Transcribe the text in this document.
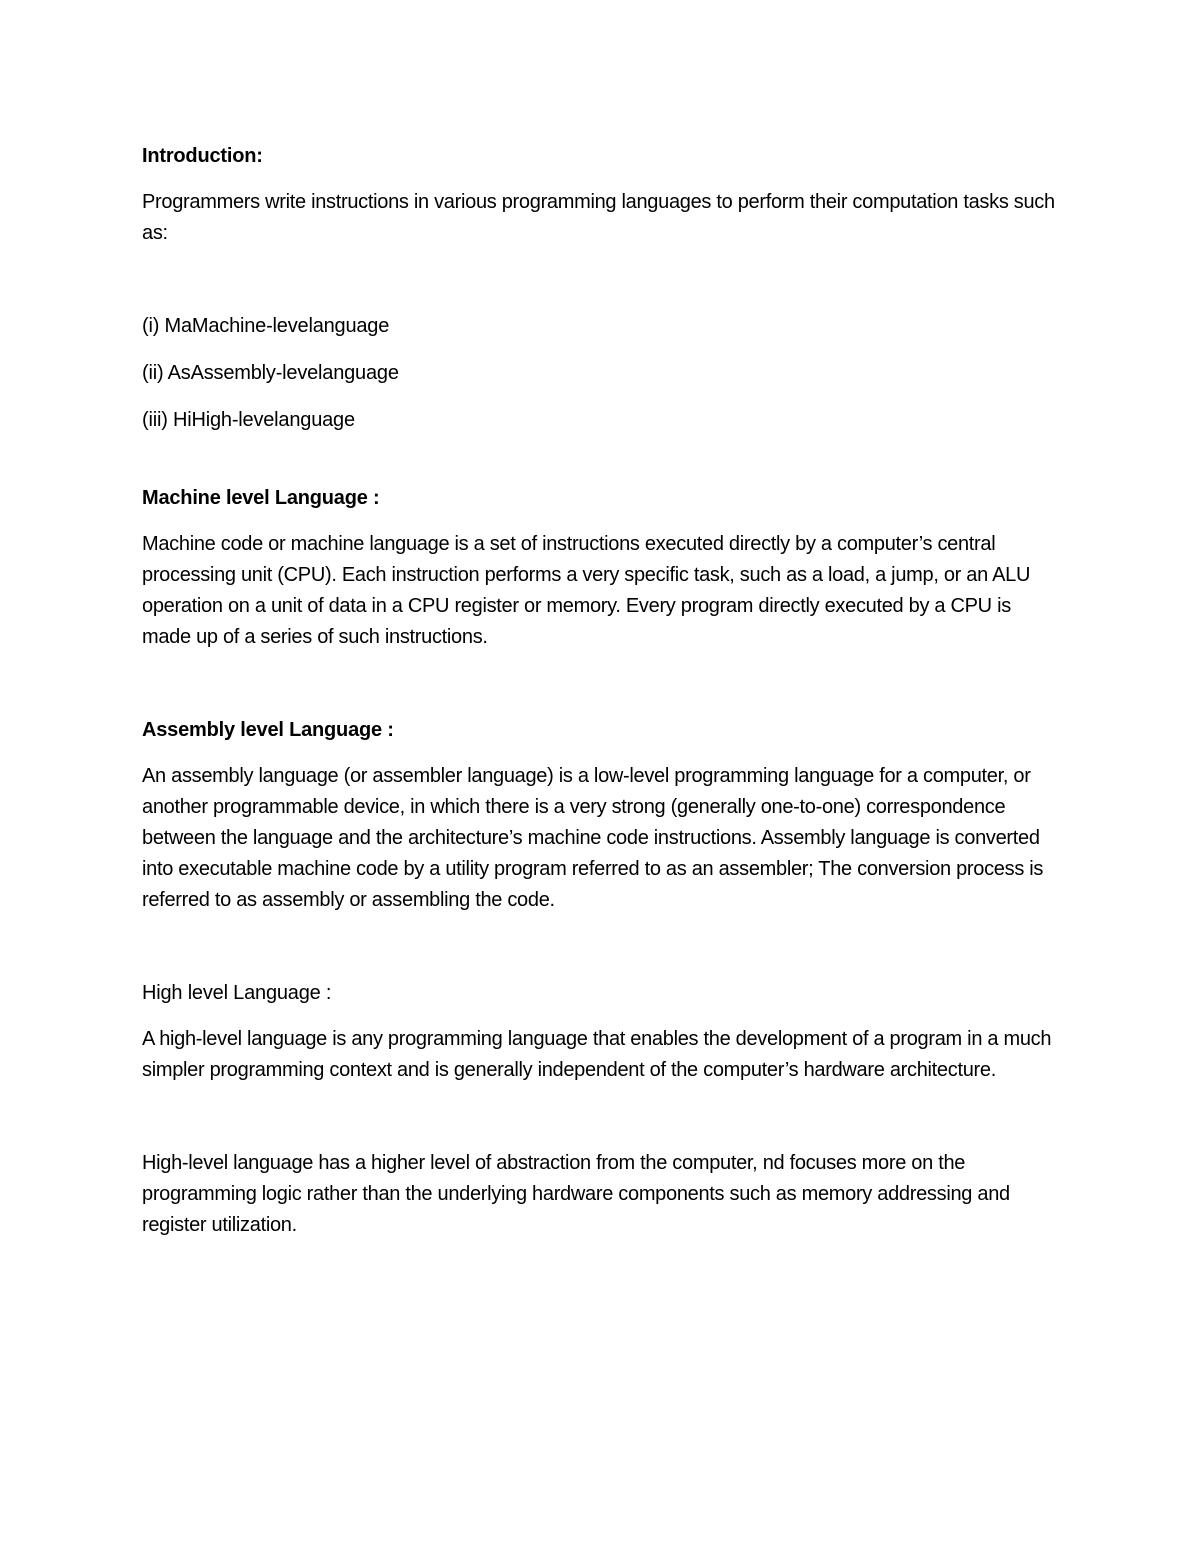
Introduction:

Programmers write instructions in various programming languages to perform their computation tasks such as:

(i) MaMachine-levelanguage
(ii) AsAssembly-levelanguage
(iii) HiHigh-levelanguage

Machine level Language :

Machine code or machine language is a set of instructions executed directly by a computer’s central processing unit (CPU). Each instruction performs a very specific task, such as a load, a jump, or an ALU operation on a unit of data in a CPU register or memory. Every program directly executed by a CPU is made up of a series of such instructions.

Assembly level Language :

An assembly language (or assembler language) is a low-level programming language for a computer, or another programmable device, in which there is a very strong (generally one-to-one) correspondence between the language and the architecture’s machine code instructions. Assembly language is converted into executable machine code by a utility program referred to as an assembler; The conversion process is referred to as assembly or assembling the code.

High level Language :

A high-level language is any programming language that enables the development of a program in a much simpler programming context and is generally independent of the computer’s hardware architecture.

High-level language has a higher level of abstraction from the computer, nd focuses more on the programming logic rather than the underlying hardware components such as memory addressing and register utilization.
